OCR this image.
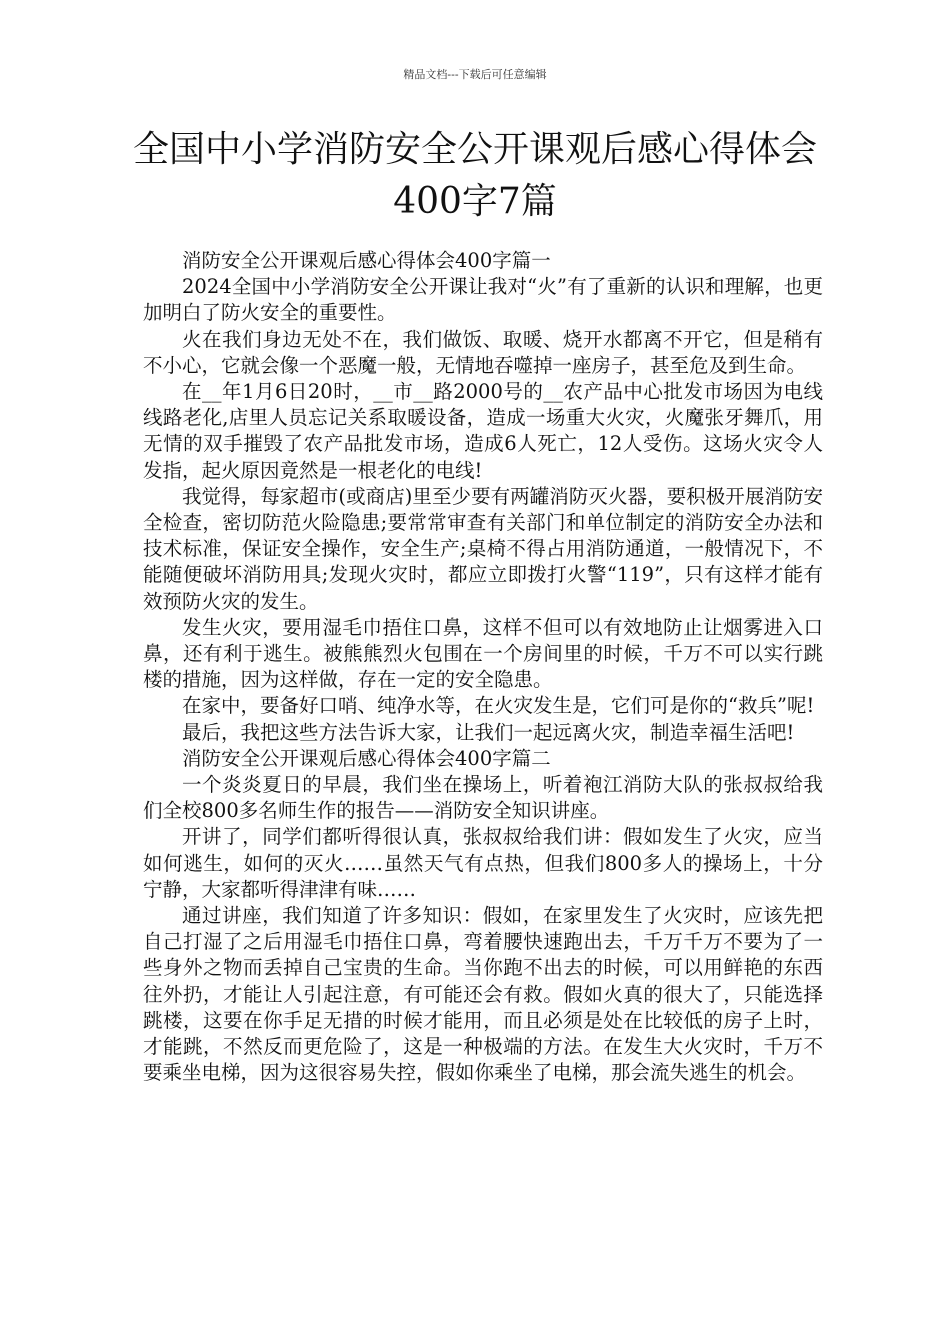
精品文档---下载后可任意编辑
全国中小学消防安全公开课观后感心得体会400字7篇

消防安全公开课观后感心得体会400字篇一

2024全国中小学消防安全公开课让我对“火”有了重新的认识和理解，也更加明白了防火安全的重要性。

火在我们身边无处不在，我们做饭、取暖、烧开水都离不开它，但是稍有不小心，它就会像一个恶魔一般，无情地吞噬掉一座房子，甚至危及到生命。

在__年1月6日20时，__市__路2000号的__农产品中心批发市场因为电线线路老化,店里人员忘记关系取暖设备，造成一场重大火灾，火魔张牙舞爪，用无情的双手摧毁了农产品批发市场，造成6人死亡，12人受伤。这场火灾令人发指，起火原因竟然是一根老化的电线!

我觉得，每家超市(或商店)里至少要有两罐消防灭火器，要积极开展消防安全检查，密切防范火险隐患;要常常审查有关部门和单位制定的消防安全办法和技术标准，保证安全操作，安全生产;桌椅不得占用消防通道，一般情况下，不能随便破坏消防用具;发现火灾时，都应立即拨打火警“119”，只有这样才能有效预防火灾的发生。

发生火灾，要用湿毛巾捂住口鼻，这样不但可以有效地防止让烟雾进入口鼻，还有利于逃生。被熊熊烈火包围在一个房间里的时候，千万不可以实行跳楼的措施，因为这样做，存在一定的安全隐患。

在家中，要备好口哨、纯净水等，在火灾发生是，它们可是你的“救兵”呢!

最后，我把这些方法告诉大家，让我们一起远离火灾，制造幸福生活吧!

消防安全公开课观后感心得体会400字篇二

一个炎炎夏日的早晨，我们坐在操场上，听着袍江消防大队的张叔叔给我们全校800多名师生作的报告——消防安全知识讲座。

开讲了，同学们都听得很认真，张叔叔给我们讲：假如发生了火灾，应当如何逃生，如何的灭火……虽然天气有点热，但我们800多人的操场上，十分宁静，大家都听得津津有味……

通过讲座，我们知道了许多知识：假如，在家里发生了火灾时，应该先把自己打湿了之后用湿毛巾捂住口鼻，弯着腰快速跑出去，千万千万不要为了一些身外之物而丢掉自己宝贵的生命。当你跑不出去的时候，可以用鲜艳的东西往外扔，才能让人引起注意，有可能还会有救。假如火真的很大了，只能选择跳楼，这要在你手足无措的时候才能用，而且必须是处在比较低的房子上时，才能跳，不然反而更危险了，这是一种极端的方法。在发生大火灾时，千万不要乘坐电梯，因为这很容易失控，假如你乘坐了电梯，那会流失逃生的机会。
